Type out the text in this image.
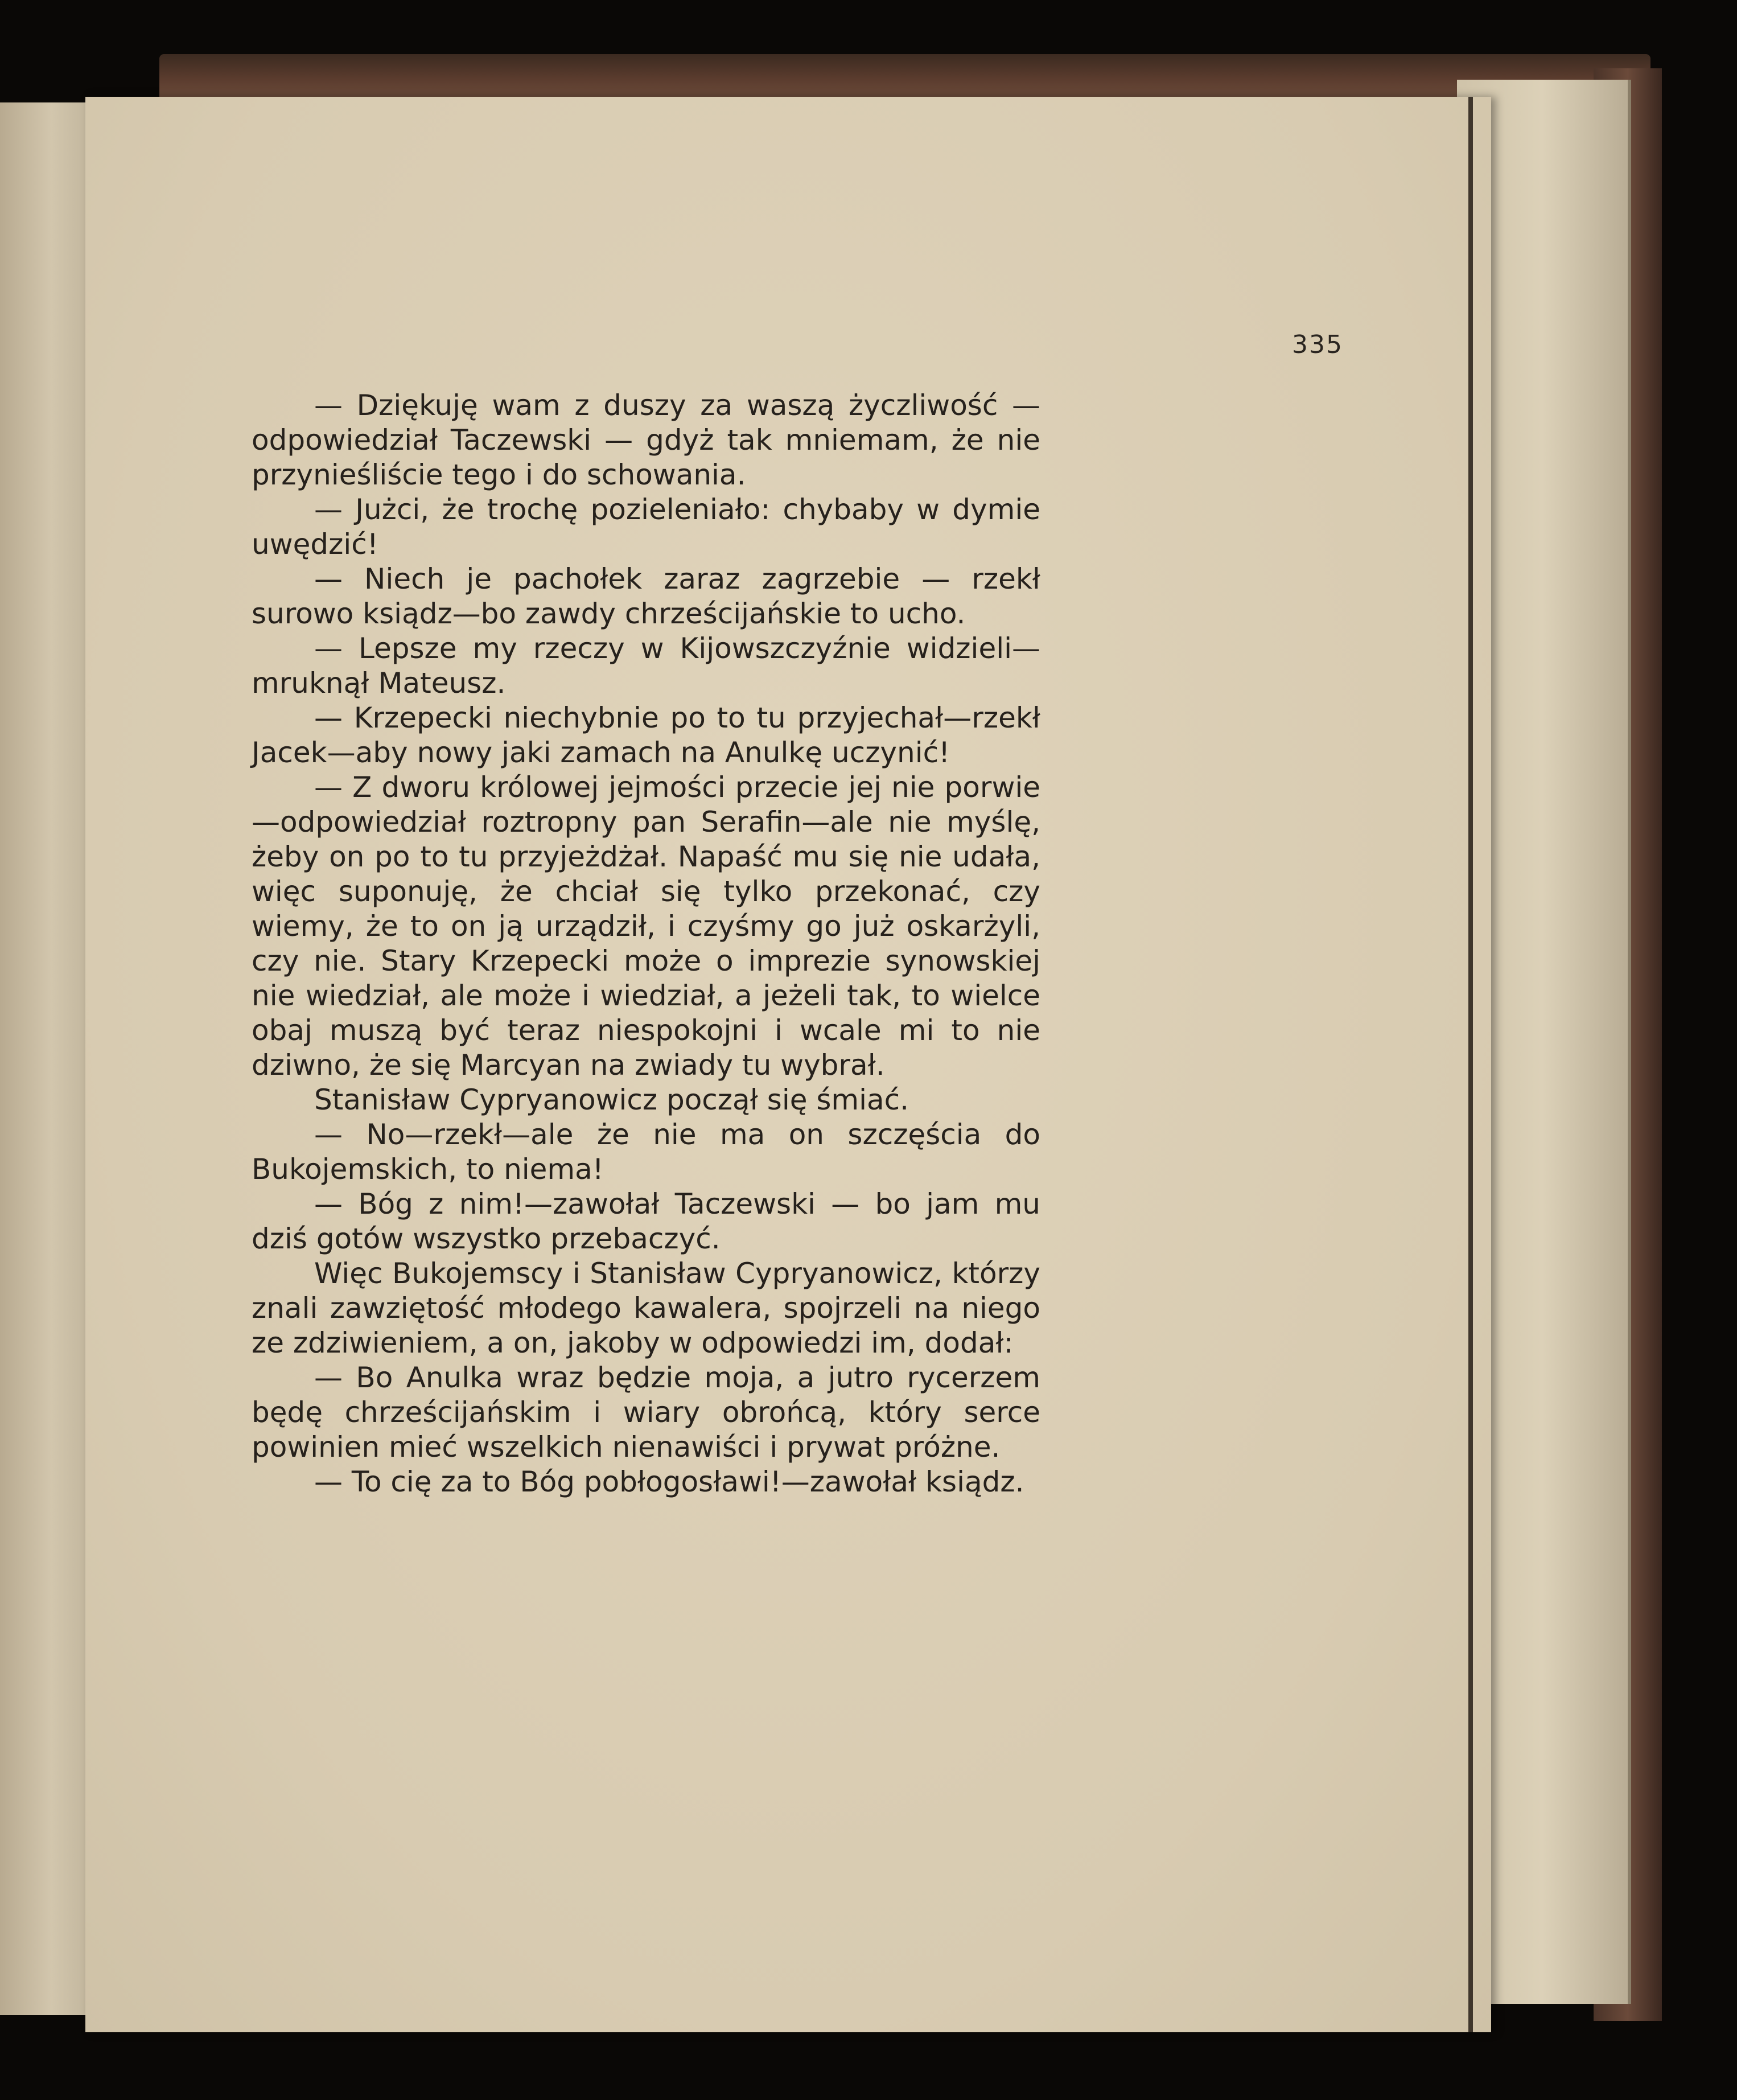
335

— Dziękuję wam z duszy za waszą życzliwość — odpowiedział Taczewski — gdyż tak mniemam, że nie przynieśliście tego i do schowania.

— Jużci, że trochę pozieleniało: chybaby w dymie uwędzić!

— Niech je pachołek zaraz zagrzebie — rzekł surowo ksiądz—bo zawdy chrześcijańskie to ucho.

— Lepsze my rzeczy w Kijowszczyźnie widzieli— mruknął Mateusz.

— Krzepecki niechybnie po to tu przyjechał—rzekł Jacek—aby nowy jaki zamach na Anulkę uczynić!

— Z dworu królowej jejmości przecie jej nie porwie—odpowiedział roztropny pan Serafin—ale nie myślę, żeby on po to tu przyjeżdżał. Napaść mu się nie udała, więc suponuję, że chciał się tylko przekonać, czy wiemy, że to on ją urządził, i czyśmy go już oskarżyli, czy nie. Stary Krzepecki może o imprezie synowskiej nie wiedział, ale może i wiedział, a jeżeli tak, to wielce obaj muszą być teraz niespokojni i wcale mi to nie dziwno, że się Marcyan na zwiady tu wybrał.

Stanisław Cypryanowicz począł się śmiać.

— No—rzekł—ale że nie ma on szczęścia do Bukojemskich, to niema!

— Bóg z nim!—zawołał Taczewski — bo jam mu dziś gotów wszystko przebaczyć.

Więc Bukojemscy i Stanisław Cypryanowicz, którzy znali zawziętość młodego kawalera, spojrzeli na niego ze zdziwieniem, a on, jakoby w odpowiedzi im, dodał:

— Bo Anulka wraz będzie moja, a jutro rycerzem będę chrześcijańskim i wiary obrońcą, który serce powinien mieć wszelkich nienawiści i prywat próżne.

— To cię za to Bóg pobłogosławi!—zawołał ksiądz.
